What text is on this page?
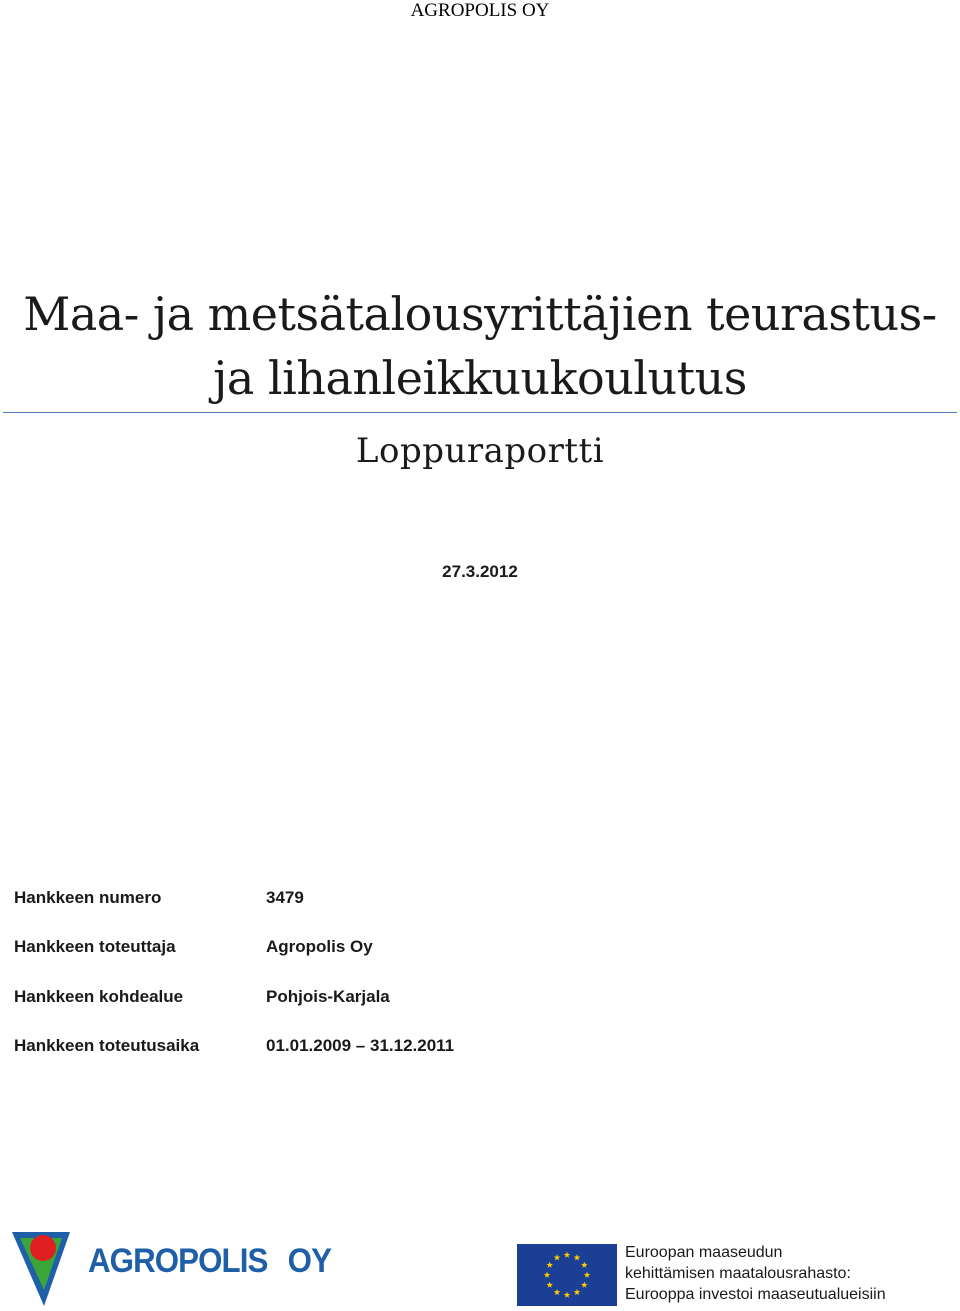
AGROPOLIS OY
Maa- ja metsätalousyrittäjien teurastus-
ja lihanleikkuukoulutus
Loppuraportti
27.3.2012
Hankkeen numero	3479
Hankkeen toteuttaja	Agropolis Oy
Hankkeen kohdealue	Pohjois-Karjala
Hankkeen toteutusaika	01.01.2009 – 31.12.2011
AGROPOLIS OY	Euroopan maaseudun
kehittämisen maatalousrahasto:
Eurooppa investoi maaseutualueisiin
